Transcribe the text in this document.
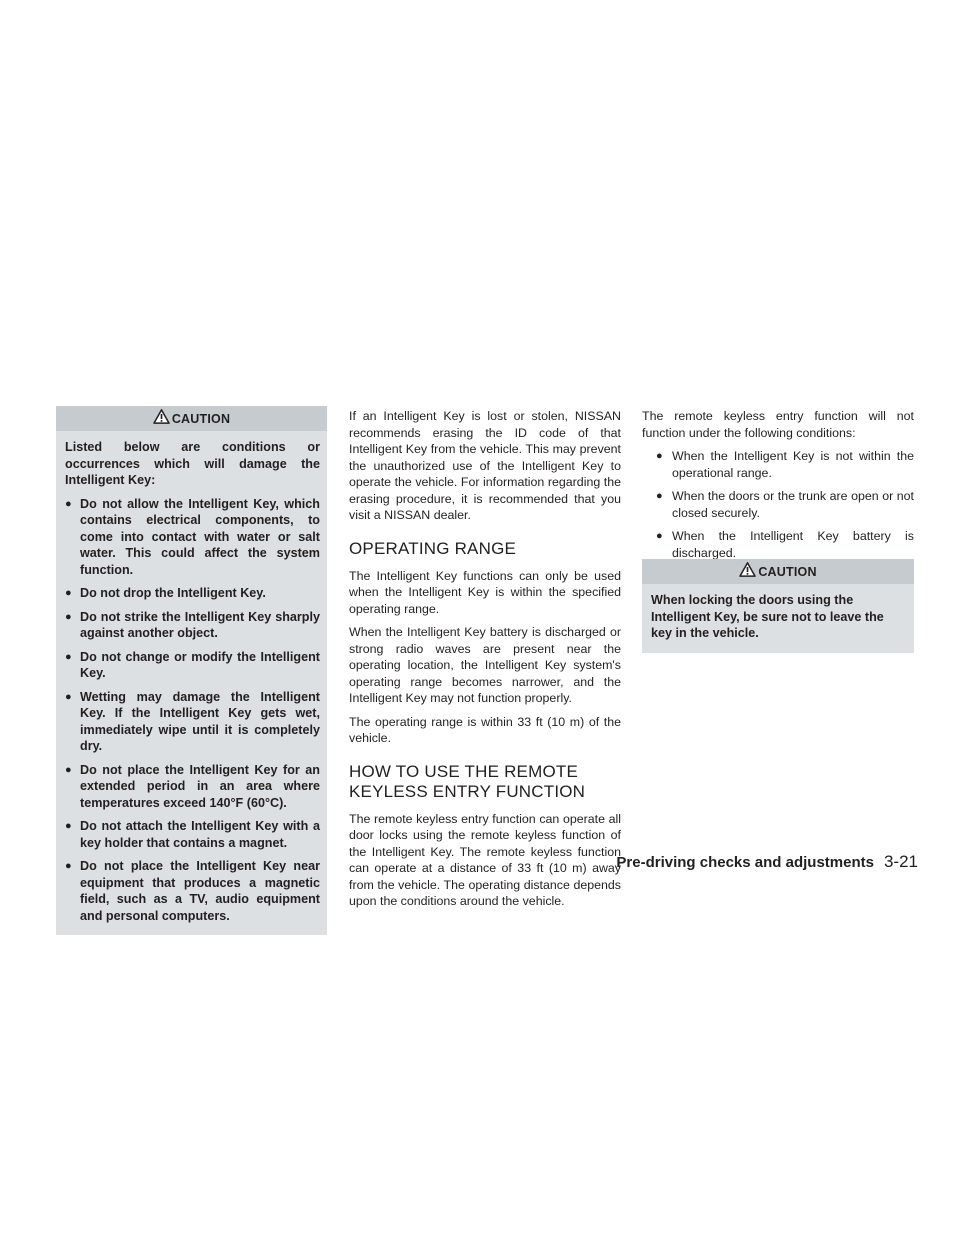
CAUTION

Listed below are conditions or occurrences which will damage the Intelligent Key:

● Do not allow the Intelligent Key, which contains electrical components, to come into contact with water or salt water. This could affect the system function.
● Do not drop the Intelligent Key.
● Do not strike the Intelligent Key sharply against another object.
● Do not change or modify the Intelligent Key.
● Wetting may damage the Intelligent Key. If the Intelligent Key gets wet, immediately wipe until it is completely dry.
● Do not place the Intelligent Key for an extended period in an area where temperatures exceed 140°F (60°C).
● Do not attach the Intelligent Key with a key holder that contains a magnet.
● Do not place the Intelligent Key near equipment that produces a magnetic field, such as a TV, audio equipment and personal computers.

If an Intelligent Key is lost or stolen, NISSAN recommends erasing the ID code of that Intelligent Key from the vehicle. This may prevent the unauthorized use of the Intelligent Key to operate the vehicle. For information regarding the erasing procedure, it is recommended that you visit a NISSAN dealer.

OPERATING RANGE

The Intelligent Key functions can only be used when the Intelligent Key is within the specified operating range.

When the Intelligent Key battery is discharged or strong radio waves are present near the operating location, the Intelligent Key system's operating range becomes narrower, and the Intelligent Key may not function properly.

The operating range is within 33 ft (10 m) of the vehicle.

HOW TO USE THE REMOTE
KEYLESS ENTRY FUNCTION

The remote keyless entry function can operate all door locks using the remote keyless function of the Intelligent Key. The remote keyless function can operate at a distance of 33 ft (10 m) away from the vehicle. The operating distance depends upon the conditions around the vehicle.

The remote keyless entry function will not function under the following conditions:

● When the Intelligent Key is not within the operational range.
● When the doors or the trunk are open or not closed securely.
● When the Intelligent Key battery is discharged.
CAUTION

When locking the doors using the Intelligent Key, be sure not to leave the key in the vehicle.

Pre-driving checks and adjustments 3-21
